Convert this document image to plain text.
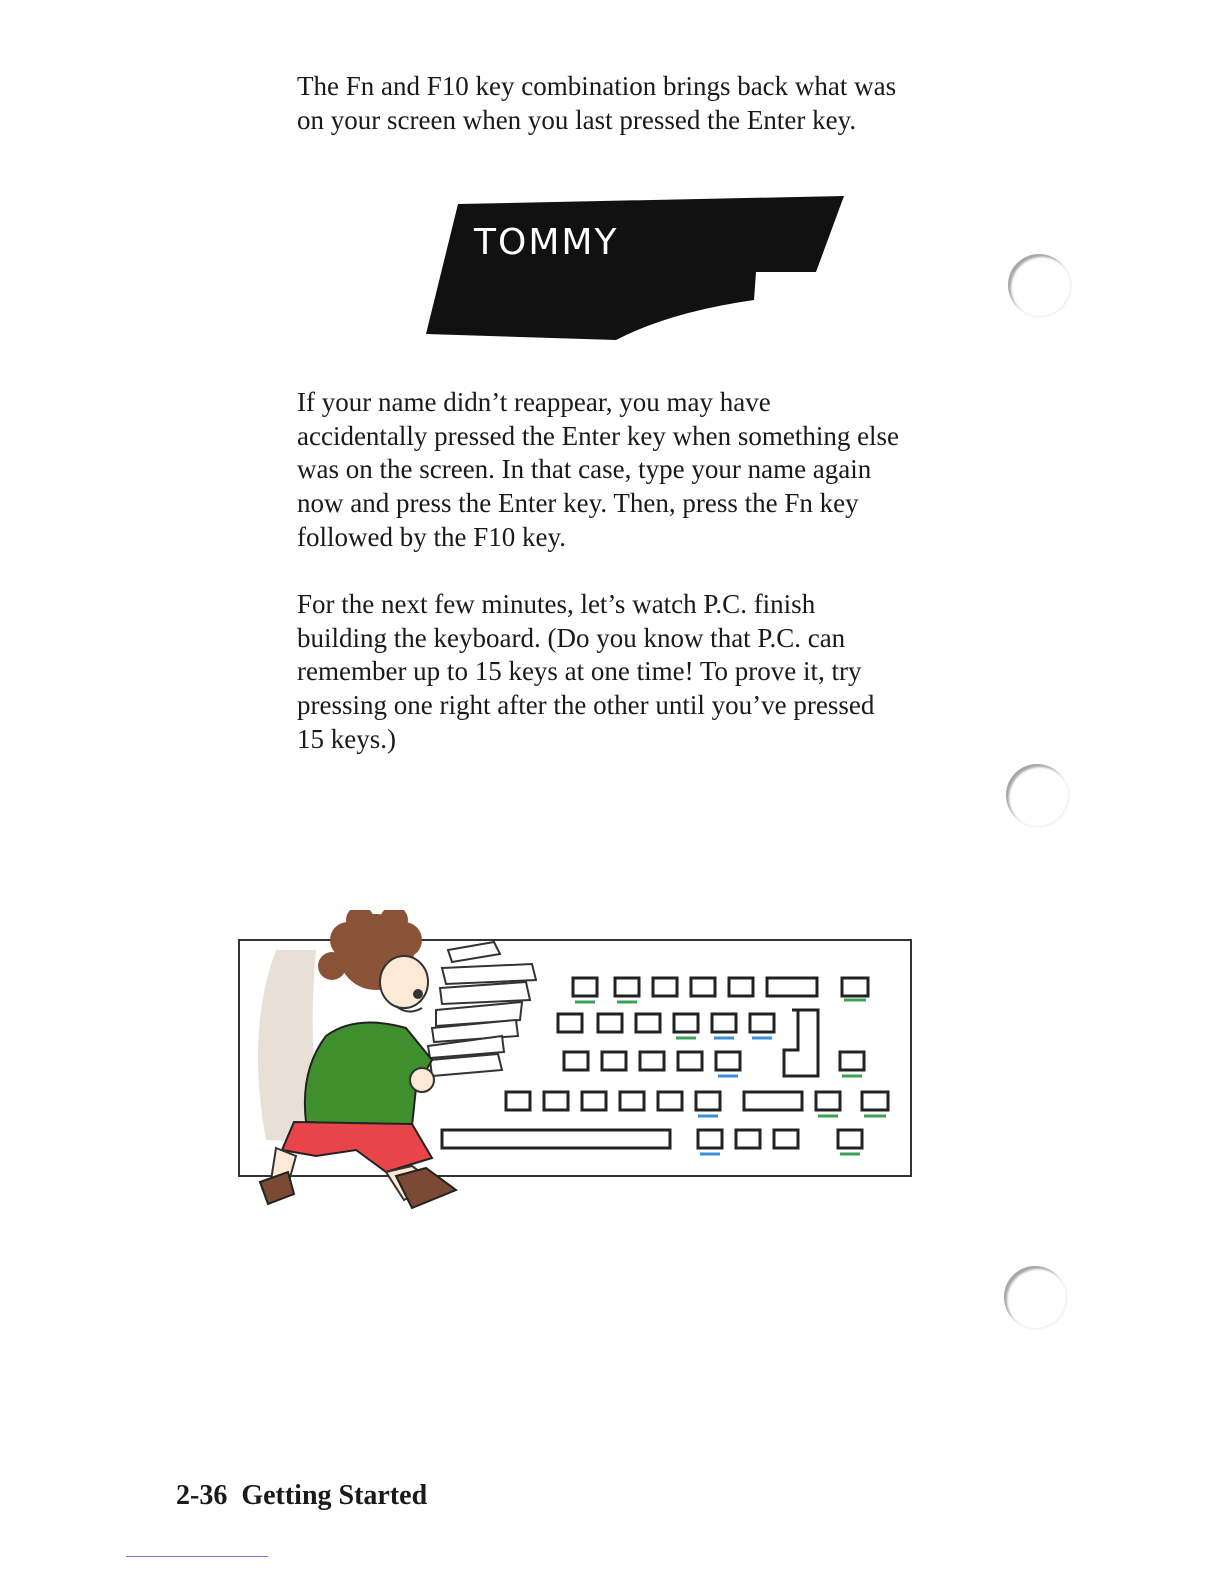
The Fn and F10 key combination brings back what was
on your screen when you last pressed the Enter key.

TOMMY

If your name didn’t reappear, you may have
accidentally pressed the Enter key when something else
was on the screen. In that case, type your name again
now and press the Enter key. Then, press the Fn key
followed by the F10 key.

For the next few minutes, let’s watch P.C. finish
building the keyboard. (Do you know that P.C. can
remember up to 15 keys at one time! To prove it, try
pressing one right after the other until you’ve pressed
15 keys.)

2-36 Getting Started
